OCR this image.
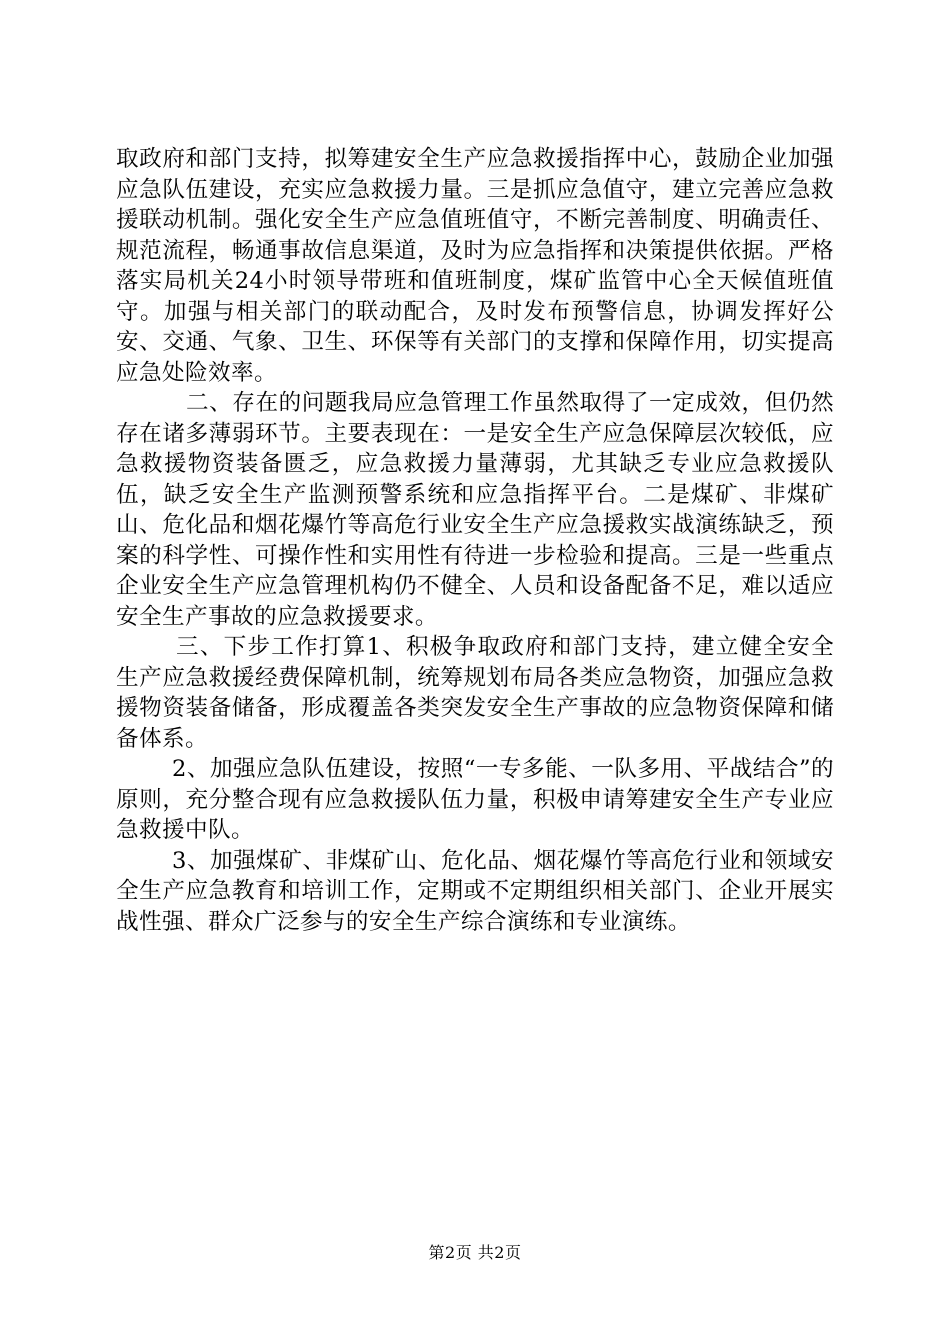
取政府和部门支持，拟筹建安全生产应急救援指挥中心，鼓励企业加强应急队伍建设，充实应急救援力量。三是抓应急值守，建立完善应急救援联动机制。强化安全生产应急值班值守，不断完善制度、明确责任、规范流程，畅通事故信息渠道，及时为应急指挥和决策提供依据。严格落实局机关24小时领导带班和值班制度，煤矿监管中心全天候值班值守。加强与相关部门的联动配合，及时发布预警信息，协调发挥好公安、交通、气象、卫生、环保等有关部门的支撑和保障作用，切实提高应急处险效率。

二、存在的问题我局应急管理工作虽然取得了一定成效，但仍然存在诸多薄弱环节。主要表现在：一是安全生产应急保障层次较低，应急救援物资装备匮乏，应急救援力量薄弱，尤其缺乏专业应急救援队伍，缺乏安全生产监测预警系统和应急指挥平台。二是煤矿、非煤矿山、危化品和烟花爆竹等高危行业安全生产应急援救实战演练缺乏，预案的科学性、可操作性和实用性有待进一步检验和提高。三是一些重点企业安全生产应急管理机构仍不健全、人员和设备配备不足，难以适应安全生产事故的应急救援要求。

三、下步工作打算1、积极争取政府和部门支持，建立健全安全生产应急救援经费保障机制，统筹规划布局各类应急物资，加强应急救援物资装备储备，形成覆盖各类突发安全生产事故的应急物资保障和储备体系。

2、加强应急队伍建设，按照“一专多能、一队多用、平战结合”的原则，充分整合现有应急救援队伍力量，积极申请筹建安全生产专业应急救援中队。

3、加强煤矿、非煤矿山、危化品、烟花爆竹等高危行业和领域安全生产应急教育和培训工作，定期或不定期组织相关部门、企业开展实战性强、群众广泛参与的安全生产综合演练和专业演练。

第2页 共2页
